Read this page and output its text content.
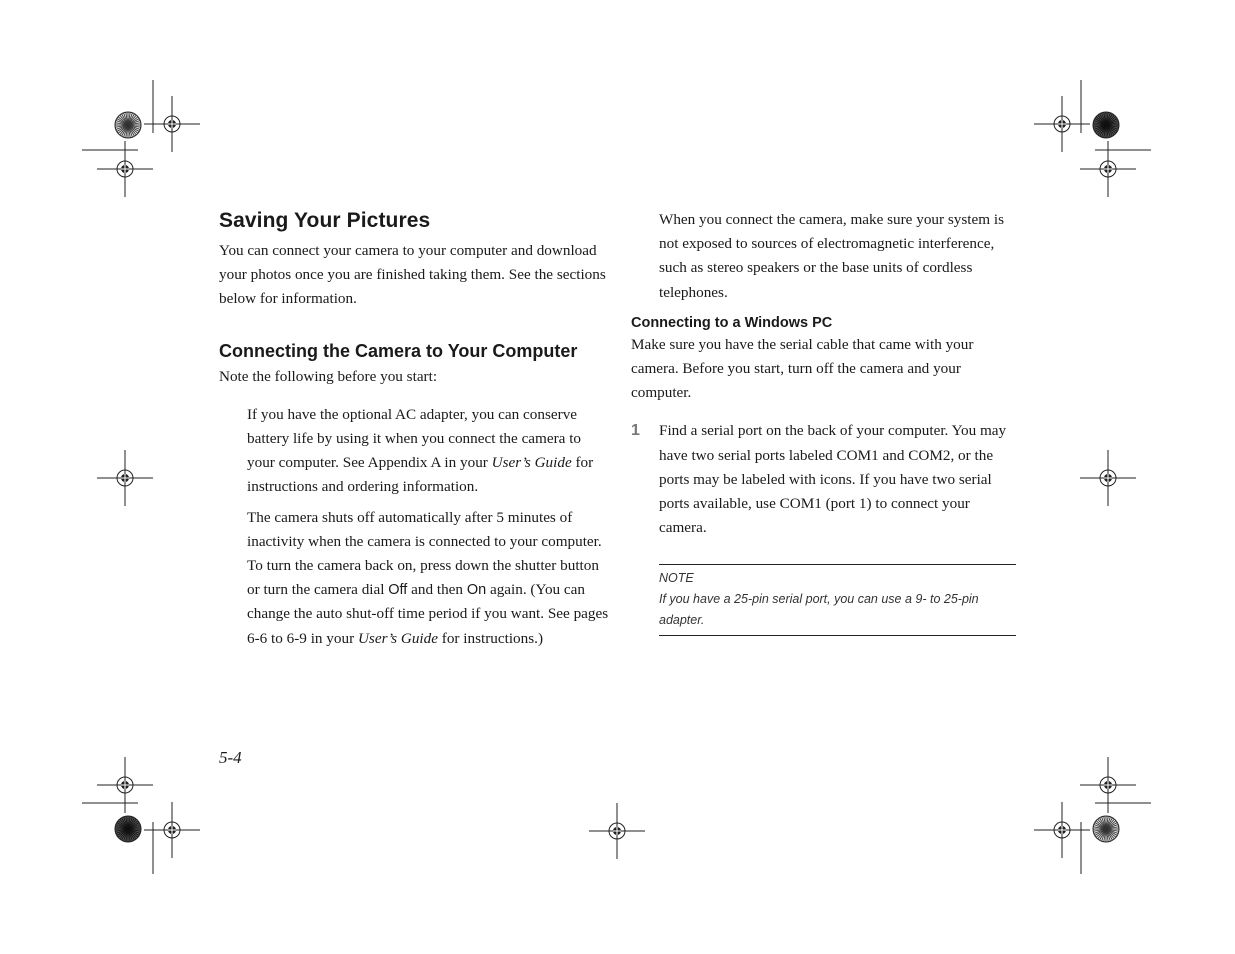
Saving Your Pictures

You can connect your camera to your computer and download your photos once you are finished taking them. See the sections below for information.

Connecting the Camera to Your Computer

Note the following before you start:

If you have the optional AC adapter, you can conserve battery life by using it when you connect the camera to your computer. See Appendix A in your User’s Guide for instructions and ordering information.

The camera shuts off automatically after 5 minutes of inactivity when the camera is connected to your computer. To turn the camera back on, press down the shutter button or turn the camera dial Off and then On again. (You can change the auto shut-off time period if you want. See pages 6-6 to 6-9 in your User’s Guide for instructions.)

When you connect the camera, make sure your system is not exposed to sources of electromagnetic interference, such as stereo speakers or the base units of cordless telephones.

Connecting to a Windows PC

Make sure you have the serial cable that came with your camera. Before you start, turn off the camera and your computer.

1 Find a serial port on the back of your computer. You may have two serial ports labeled COM1 and COM2, or the ports may be labeled with icons. If you have two serial ports available, use COM1 (port 1) to connect your camera.

NOTE
If you have a 25-pin serial port, you can use a 9- to 25-pin adapter.
5-4
